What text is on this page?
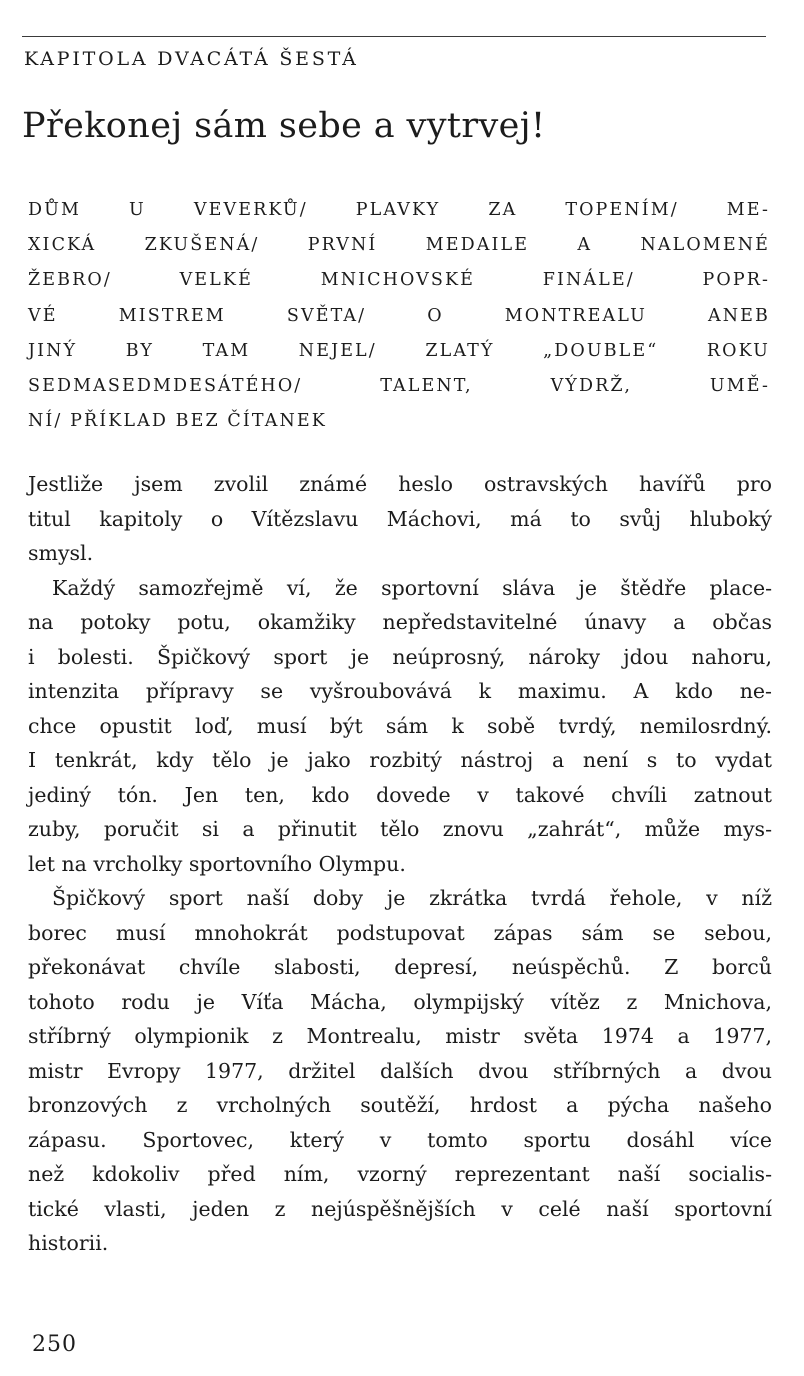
KAPITOLA DVACÁTÁ ŠESTÁ
Překonej sám sebe a vytrvej!
DŮM U VEVERKŮ/ PLAVKY ZA TOPENÍM/ ME-
XICKÁ ZKUŠENÁ/ PRVNÍ MEDAILE A NALOMENÉ
ŽEBRO/ VELKÉ MNICHOVSKÉ FINÁLE/ POPR-
VÉ MISTREM SVĚTA/ O MONTREALU ANEB
JINÝ BY TAM NEJEL/ ZLATÝ „DOUBLE“ ROKU
SEDMASEDMDESÁTÉHO/ TALENT, VÝDRŽ, UMĚ-
NÍ/ PŘÍKLAD BEZ ČÍTANEK
Jestliže jsem zvolil známé heslo ostravských havířů pro
titul kapitoly o Vítězslavu Máchovi, má to svůj hluboký
smysl.
Každý samozřejmě ví, že sportovní sláva je štědře place-
na potoky potu, okamžiky nepředstavitelné únavy a občas
i bolesti. Špičkový sport je neúprosný, nároky jdou nahoru,
intenzita přípravy se vyšroubovává k maximu. A kdo ne-
chce opustit loď, musí být sám k sobě tvrdý, nemilosrdný.
I tenkrát, kdy tělo je jako rozbitý nástroj a není s to vydat
jediný tón. Jen ten, kdo dovede v takové chvíli zatnout
zuby, poručit si a přinutit tělo znovu „zahrát“, může mys-
let na vrcholky sportovního Olympu.
Špičkový sport naší doby je zkrátka tvrdá řehole, v níž
borec musí mnohokrát podstupovat zápas sám se sebou,
překonávat chvíle slabosti, depresí, neúspěchů. Z borců
tohoto rodu je Víťa Mácha, olympijský vítěz z Mnichova,
stříbrný olympionik z Montrealu, mistr světa 1974 a 1977,
mistr Evropy 1977, držitel dalších dvou stříbrných a dvou
bronzových z vrcholných soutěží, hrdost a pýcha našeho
zápasu. Sportovec, který v tomto sportu dosáhl více
než kdokoliv před ním, vzorný reprezentant naší socialis-
tické vlasti, jeden z nejúspěšnějších v celé naší sportovní
historii.
250
